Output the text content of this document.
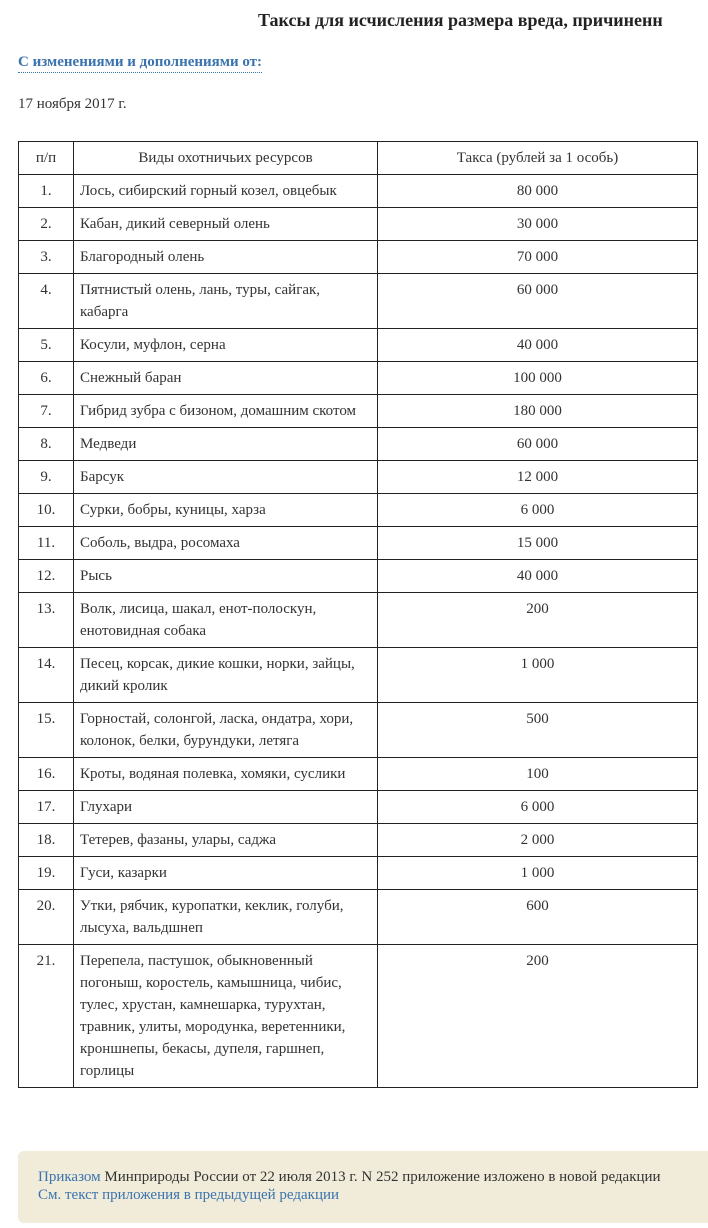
Таксы для исчисления размера вреда, причиненн
С изменениями и дополнениями от:
17 ноября 2017 г.
п/п	Виды охотничьих ресурсов	Такса (рублей за 1 особь)
1.	Лось, сибирский горный козел, овцебык	80 000
2.	Кабан, дикий северный олень	30 000
3.	Благородный олень	70 000
4.	Пятнистый олень, лань, туры, сайгак, кабарга	60 000
5.	Косули, муфлон, серна	40 000
6.	Снежный баран	100 000
7.	Гибрид зубра с бизоном, домашним скотом	180 000
8.	Медведи	60 000
9.	Барсук	12 000
10.	Сурки, бобры, куницы, харза	6 000
11.	Соболь, выдра, росомаха	15 000
12.	Рысь	40 000
13.	Волк, лисица, шакал, енот-полоскун, енотовидная собака	200
14.	Песец, корсак, дикие кошки, норки, зайцы, дикий кролик	1 000
15.	Горностай, солонгой, ласка, ондатра, хори, колонок, белки, бурундуки, летяга	500
16.	Кроты, водяная полевка, хомяки, суслики	100
17.	Глухари	6 000
18.	Тетерев, фазаны, улары, саджа	2 000
19.	Гуси, казарки	1 000
20.	Утки, рябчик, куропатки, кеклик, голуби, лысуха, вальдшнеп	600
21.	Перепела, пастушок, обыкновенный погоныш, коростель, камышница, чибис, тулес, хрустан, камнешарка, турухтан, травник, улиты, мородунка, веретенники, кроншнепы, бекасы, дупеля, гаршнеп, горлицы	200
Приказом Минприроды России от 22 июля 2013 г. N 252 приложение изложено в новой редакции
См. текст приложения в предыдущей редакции
